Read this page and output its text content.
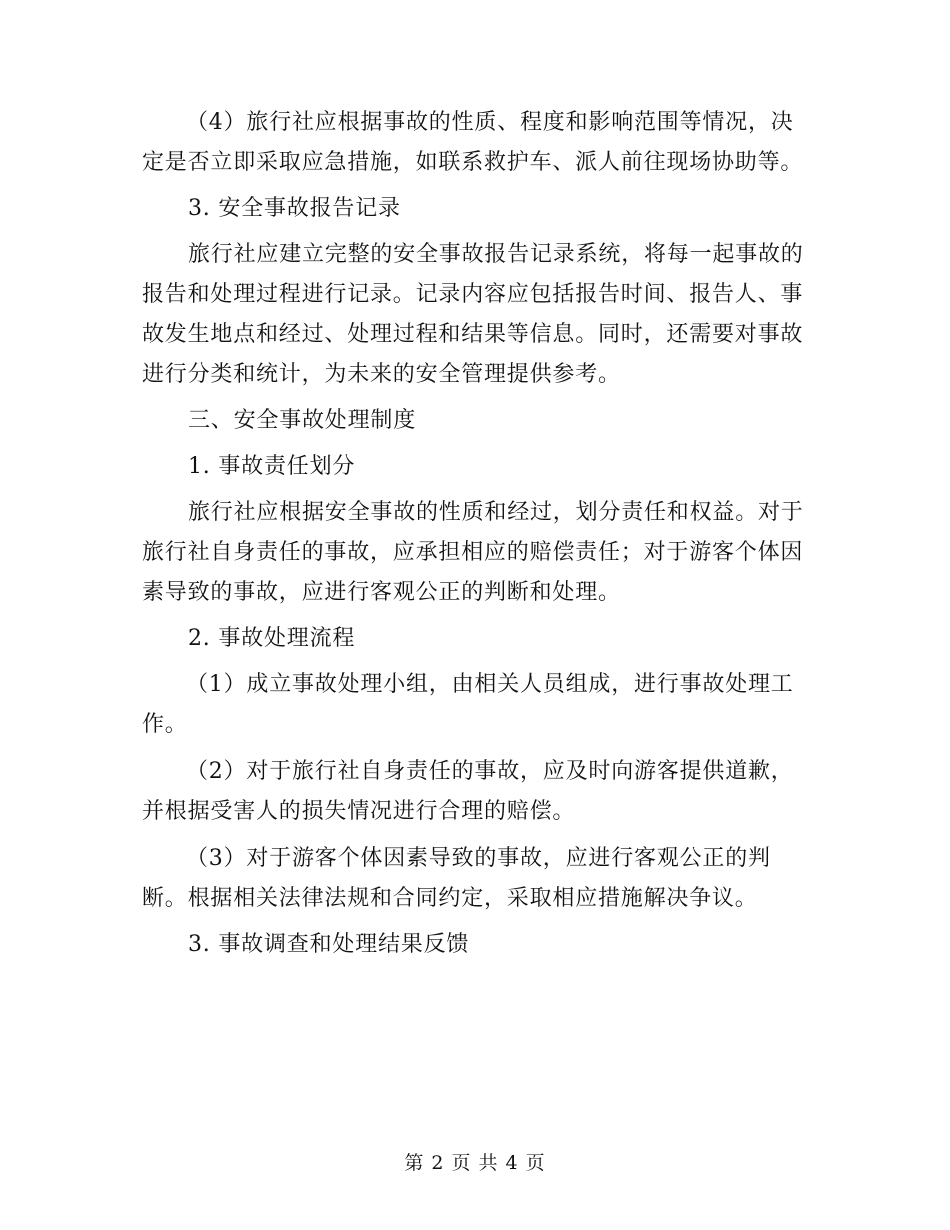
（4）旅行社应根据事故的性质、程度和影响范围等情况，决定是否立即采取应急措施，如联系救护车、派人前往现场协助等。

3. 安全事故报告记录

旅行社应建立完整的安全事故报告记录系统，将每一起事故的报告和处理过程进行记录。记录内容应包括报告时间、报告人、事故发生地点和经过、处理过程和结果等信息。同时，还需要对事故进行分类和统计，为未来的安全管理提供参考。

三、安全事故处理制度

1. 事故责任划分

旅行社应根据安全事故的性质和经过，划分责任和权益。对于旅行社自身责任的事故，应承担相应的赔偿责任；对于游客个体因素导致的事故，应进行客观公正的判断和处理。

2. 事故处理流程

（1）成立事故处理小组，由相关人员组成，进行事故处理工作。

（2）对于旅行社自身责任的事故，应及时向游客提供道歉，并根据受害人的损失情况进行合理的赔偿。

（3）对于游客个体因素导致的事故，应进行客观公正的判断。根据相关法律法规和合同约定，采取相应措施解决争议。

3. 事故调查和处理结果反馈

第 2 页 共 4 页
